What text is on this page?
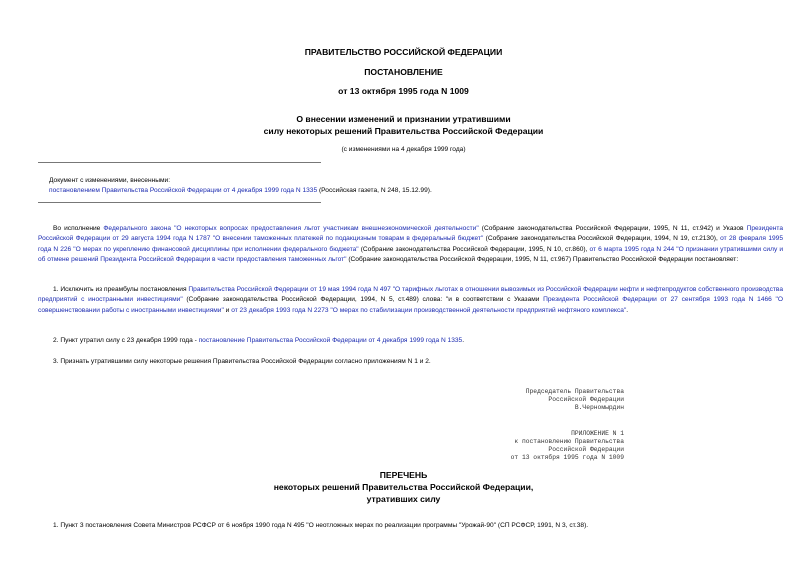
ПРАВИТЕЛЬСТВО РОССИЙСКОЙ ФЕДЕРАЦИИ
ПОСТАНОВЛЕНИЕ
от 13 октября 1995 года N 1009
О внесении изменений и признании утратившими
силу некоторых решений Правительства Российской Федерации
(с изменениями на 4 декабря 1999 года)
Документ с изменениями, внесенными:
постановлением Правительства Российской Федерации от 4 декабря 1999 года N 1335 (Российская газета, N 248, 15.12.99).
Во исполнение Федерального закона "О некоторых вопросах предоставления льгот участникам внешнеэкономической деятельности" (Собрание законодательства Российской Федерации, 1995, N 11, ст.942) и Указов Президента Российской Федерации от 29 августа 1994 года N 1787 "О внесении таможенных платежей по подакцизным товарам в федеральный бюджет" (Собрание законодательства Российской Федерации, 1994, N 19, ст.2130), от 28 февраля 1995 года N 226 "О мерах по укреплению финансовой дисциплины при исполнении федерального бюджета" (Собрание законодательства Российской Федерации, 1995, N 10, ст.860), от 6 марта 1995 года N 244 "О признании утратившими силу и об отмене решений Президента Российской Федерации в части предоставления таможенных льгот" (Собрание законодательства Российской Федерации, 1995, N 11, ст.967) Правительство Российской Федерации постановляет:
1. Исключить из преамбулы постановления Правительства Российской Федерации от 19 мая 1994 года N 497 "О тарифных льготах в отношении вывозимых из Российской Федерации нефти и нефтепродуктов собственного производства предприятий с иностранными инвестициями" (Собрание законодательства Российской Федерации, 1994, N 5, ст.489) слова: "и в соответствии с Указами Президента Российской Федерации от 27 сентября 1993 года N 1466 "О совершенствовании работы с иностранными инвестициями" и от 23 декабря 1993 года N 2273 "О мерах по стабилизации производственной деятельности предприятий нефтяного комплекса".
2. Пункт утратил силу с 23 декабря 1999 года - постановление Правительства Российской Федерации от 4 декабря 1999 года N 1335.
3. Признать утратившими силу некоторые решения Правительства Российской Федерации согласно приложениям N 1 и 2.
Председатель Правительства
Российской Федерации
В.Черномырдин
ПРИЛОЖЕНИЕ N 1
к постановлению Правительства
Российской Федерации
от 13 октября 1995 года N 1009
ПЕРЕЧЕНЬ
некоторых решений Правительства Российской Федерации,
утративших силу
1. Пункт 3 постановления Совета Министров РСФСР от 6 ноября 1990 года N 495 "О неотложных мерах по реализации программы "Урожай-90" (СП РСФСР, 1991, N 3, ст.38).
